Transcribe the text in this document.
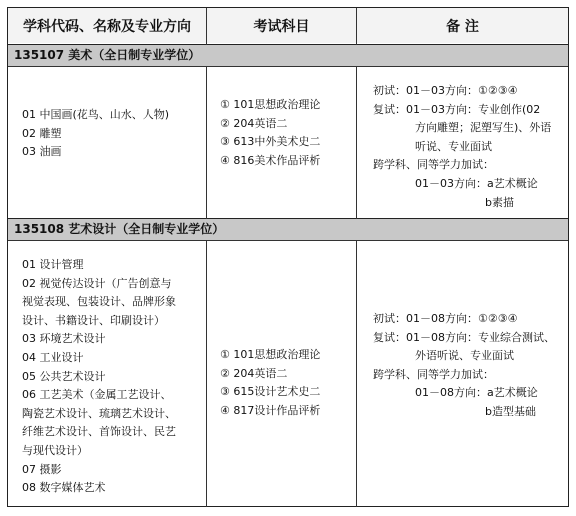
学科代码、名称及专业方向	考试科目	备 注
135107 美术（全日制专业学位）
135108 艺术设计（全日制专业学位）
01 中国画(花鸟、山水、人物)
02 雕塑
03 油画
① 101思想政治理论
② 204英语二
③ 613中外美术史二
④ 816美术作品评析
初试：01－03方向：①②③④
复试：01－03方向：专业创作(02
方向雕塑；泥塑写生)、外语
听说、专业面试
跨学科、同等学力加试：
01－03方向：a艺术概论
b素描
01 设计管理
02 视觉传达设计（广告创意与
视觉表现、包装设计、品牌形象
设计、书籍设计、印刷设计）
03 环境艺术设计
04 工业设计
05 公共艺术设计
06 工艺美术（金属工艺设计、
陶瓷艺术设计、琉璃艺术设计、
纤维艺术设计、首饰设计、民艺
与现代设计）
07 摄影
08 数字媒体艺术
① 101思想政治理论
② 204英语二
③ 615设计艺术史二
④ 817设计作品评析
初试：01－08方向：①②③④
复试：01－08方向：专业综合测试、
外语听说、专业面试
跨学科、同等学力加试：
01－08方向：a艺术概论
b造型基础
